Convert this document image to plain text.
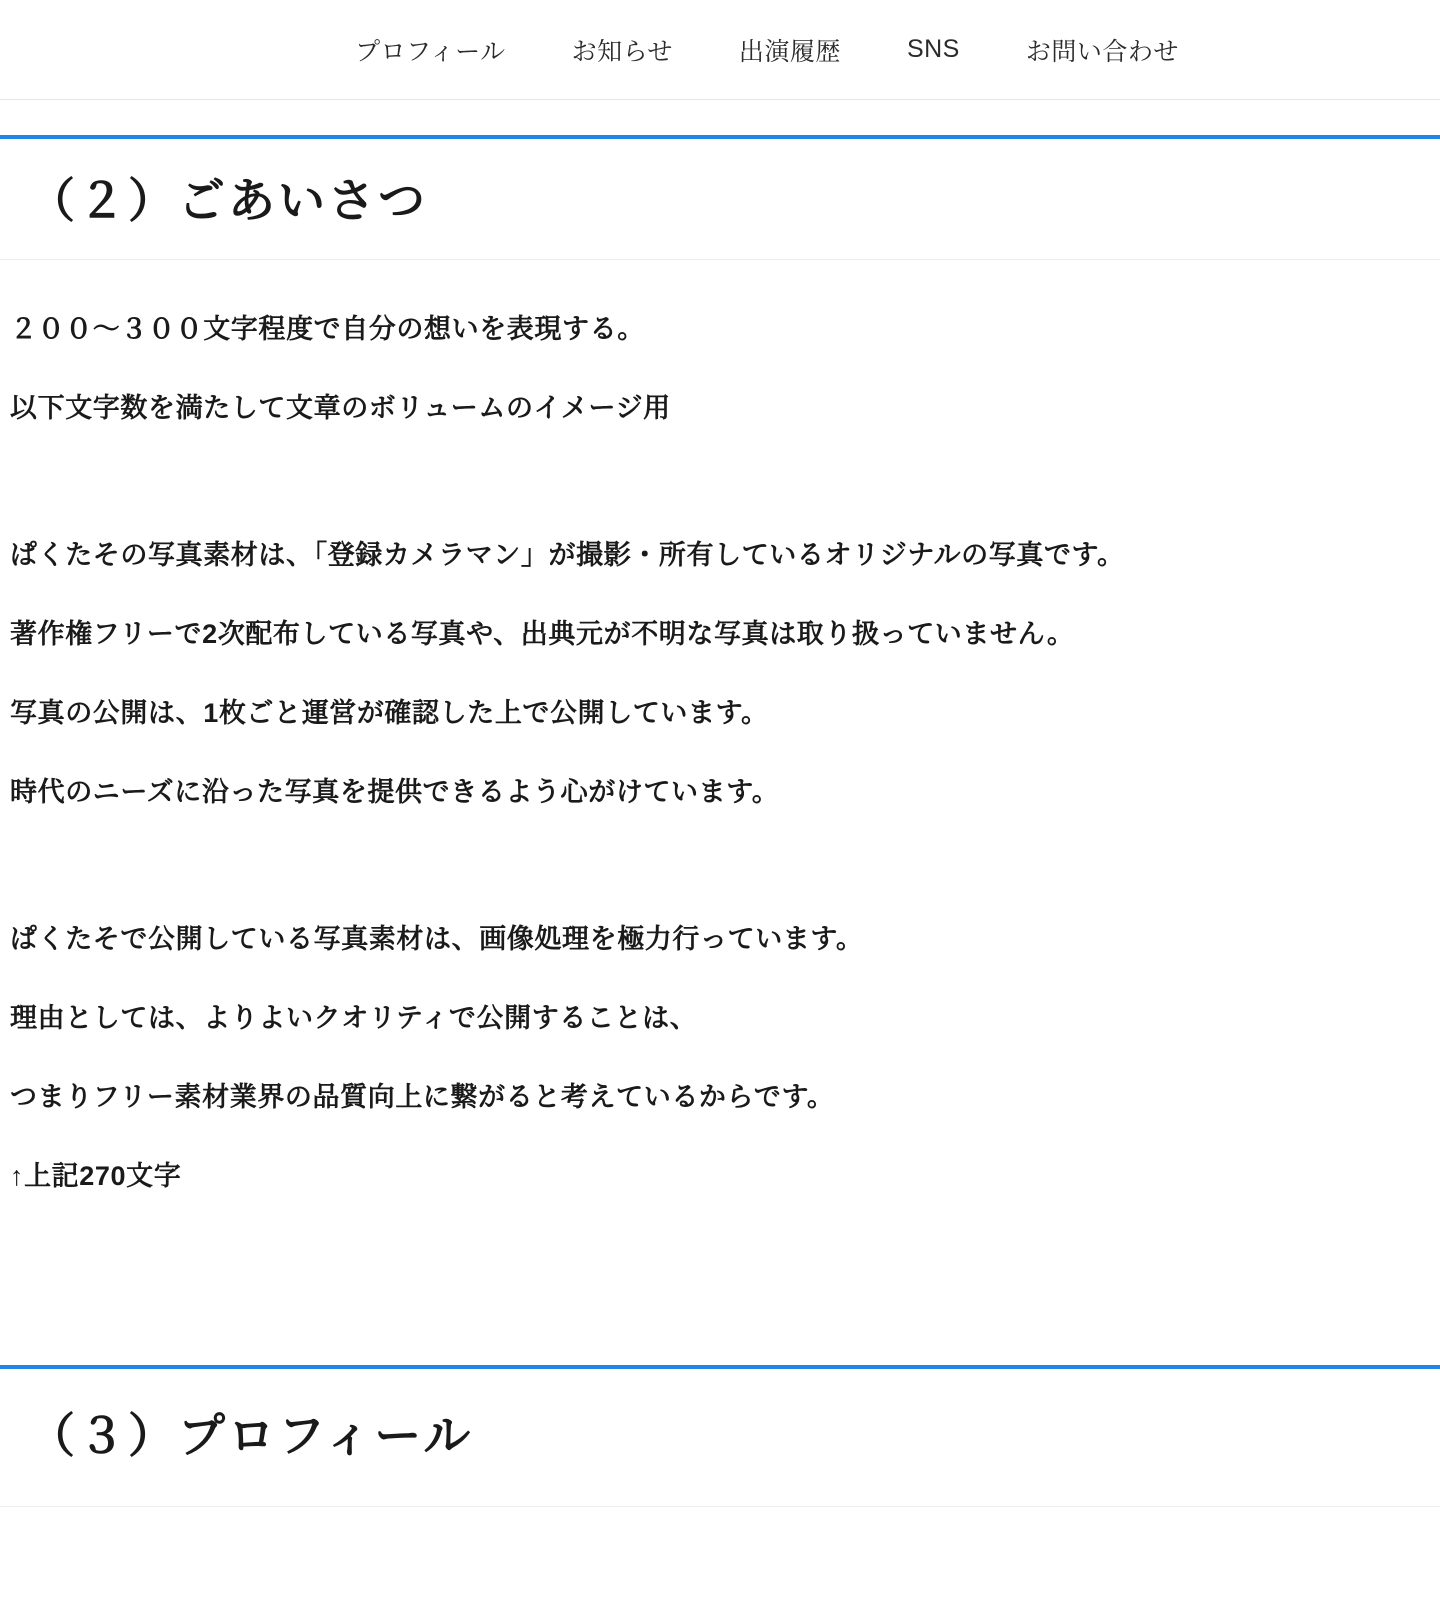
プロフィール	お知らせ	出演履歴	SNS	お問い合わせ
（２）ごあいさつ

２００〜３００文字程度で自分の想いを表現する。

以下文字数を満たして文章のボリュームのイメージ用

ぱくたその写真素材は、「登録カメラマン」が撮影・所有しているオリジナルの写真です。

著作権フリーで2次配布している写真や、出典元が不明な写真は取り扱っていません。

写真の公開は、1枚ごと運営が確認した上で公開しています。

時代のニーズに沿った写真を提供できるよう心がけています。

ぱくたそで公開している写真素材は、画像処理を極力行っています。

理由としては、よりよいクオリティで公開することは、

つまりフリー素材業界の品質向上に繋がると考えているからです。

↑上記270文字

（３）プロフィール
